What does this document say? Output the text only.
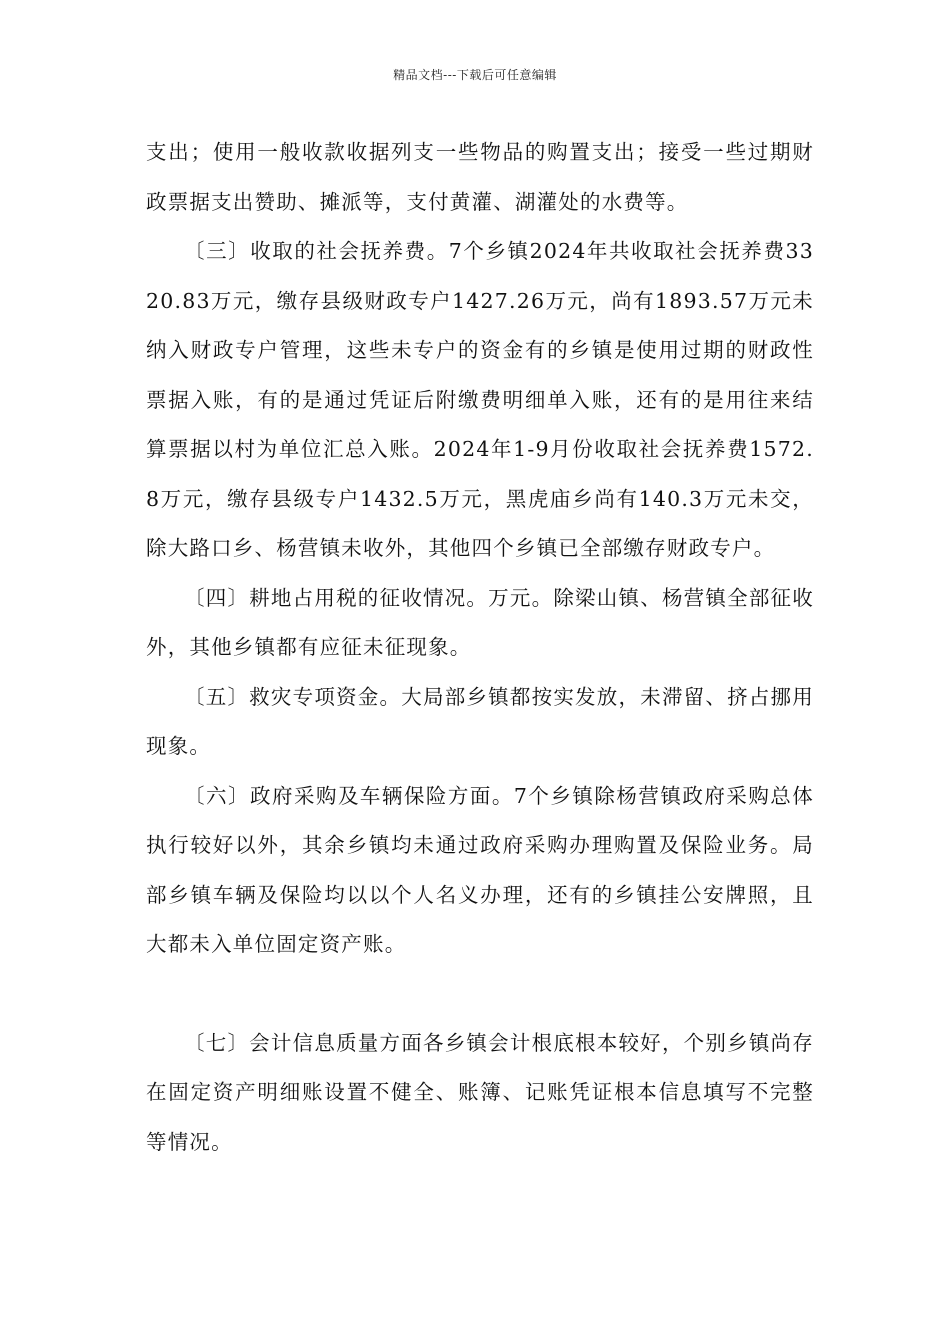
精品文档---下载后可任意编辑

支出；使用一般收款收据列支一些物品的购置支出；接受一些过期财政票据支出赞助、摊派等，支付黄灌、湖灌处的水费等。

〔三〕收取的社会抚养费。7个乡镇2024年共收取社会抚养费3320.83万元，缴存县级财政专户1427.26万元，尚有1893.57万元未纳入财政专户管理，这些未专户的资金有的乡镇是使用过期的财政性票据入账，有的是通过凭证后附缴费明细单入账，还有的是用往来结算票据以村为单位汇总入账。2024年1-9月份收取社会抚养费1572.8万元，缴存县级专户1432.5万元，黑虎庙乡尚有140.3万元未交，除大路口乡、杨营镇未收外，其他四个乡镇已全部缴存财政专户。

〔四〕耕地占用税的征收情况。万元。除梁山镇、杨营镇全部征收外，其他乡镇都有应征未征现象。

〔五〕救灾专项资金。大局部乡镇都按实发放，未滞留、挤占挪用现象。

〔六〕政府采购及车辆保险方面。7个乡镇除杨营镇政府采购总体执行较好以外，其余乡镇均未通过政府采购办理购置及保险业务。局部乡镇车辆及保险均以以个人名义办理，还有的乡镇挂公安牌照，且大都未入单位固定资产账。

〔七〕会计信息质量方面各乡镇会计根底根本较好，个别乡镇尚存在固定资产明细账设置不健全、账簿、记账凭证根本信息填写不完整等情况。
